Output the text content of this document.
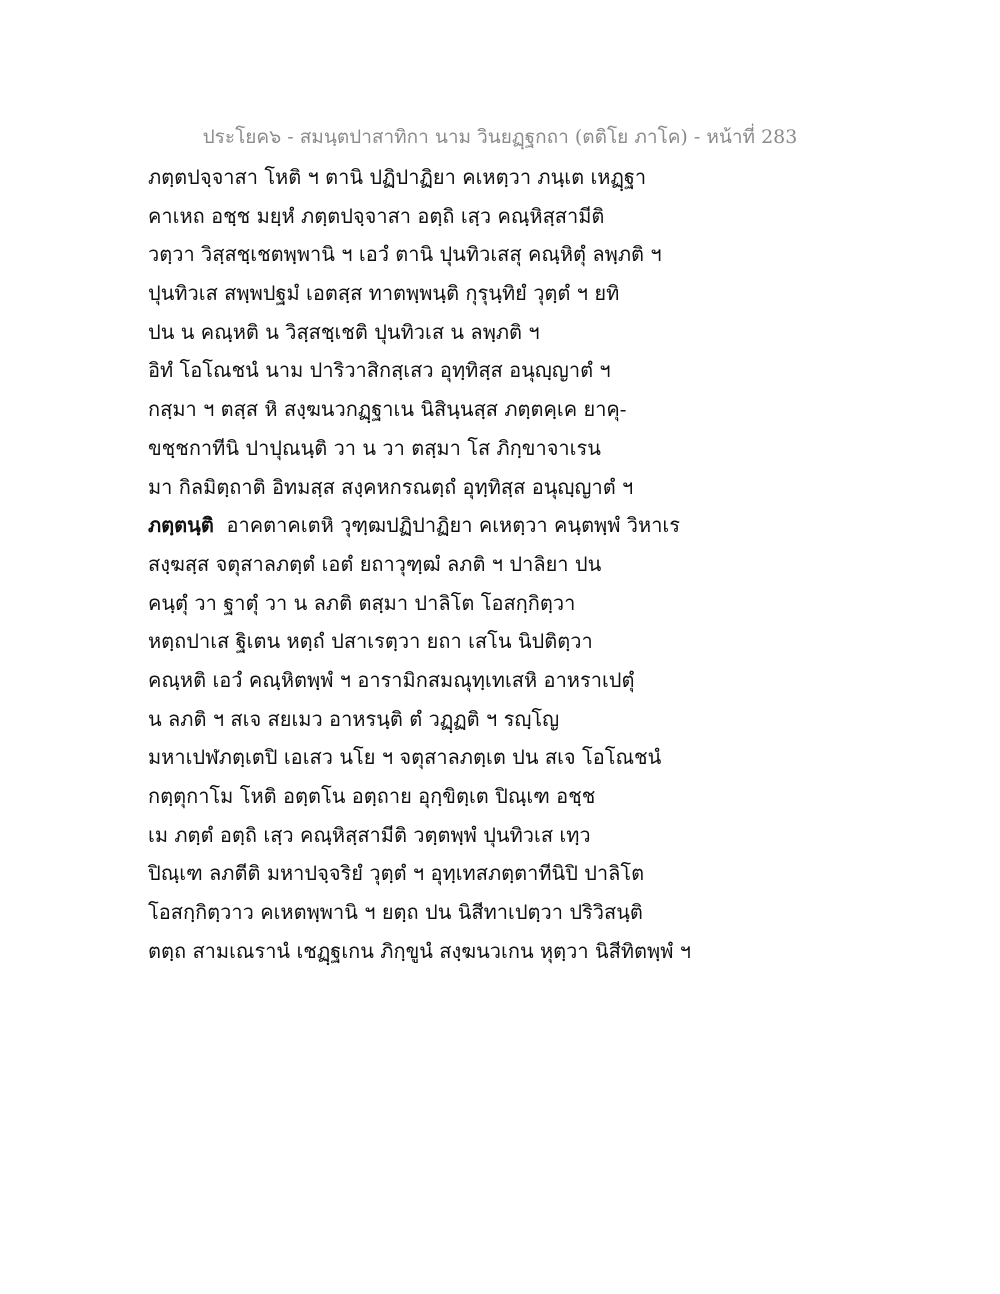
ประโยค๖ - สมนฺตปาสาทิกา นาม วินยฏฺฐกถา (ตติโย ภาโค) - หน้าที่ 283
ภตฺตปจฺจาสา โหติ ฯ ตานิ ปฏิปาฏิยา คเหตฺวา ภนฺเต เหฏฺฐา
คาเหถ อชฺช มยฺหํ ภตฺตปจฺจาสา อตฺถิ เสฺว คณฺหิสฺสามีติ
วตฺวา วิสฺสชฺเชตพฺพานิ ฯ เอวํ ตานิ ปุนทิวเสสุ คณฺหิตุํ ลพฺภติ ฯ
ปุนทิวเส สพฺพปฐมํ เอตสฺส ทาตพฺพนฺติ กุรุนฺทิยํ วุตฺตํ ฯ ยทิ
ปน น คณฺหติ น วิสฺสชฺเชติ ปุนทิวเส น ลพฺภติ ฯ
อิทํ โอโณชนํ นาม ปาริวาสิกสฺเสว อุทฺทิสฺส อนุญฺญาตํ ฯ
กสฺมา ฯ ตสฺส หิ สงฺฆนวกฏฺฐาเน นิสินฺนสฺส ภตฺตคฺเค ยาคุ-
ขชฺชกาทีนิ ปาปุณนฺติ วา น วา ตสฺมา โส ภิกฺขาจาเรน
มา กิลมิตฺถาติ อิทมสฺส สงฺคหกรณตฺถํ อุทฺทิสฺส อนุญฺญาตํ ฯ
ภตฺตนฺติ อาคตาคเตหิ วุฑฺฒปฏิปาฏิยา คเหตฺวา คนฺตพฺพํ วิหาเร
สงฺฆสฺส จตุสาลภตฺตํ เอตํ ยถาวุฑฺฒํ ลภติ ฯ ปาลิยา ปน
คนฺตุํ วา ฐาตุํ วา น ลภติ ตสฺมา ปาลิโต โอสกฺกิตฺวา
หตฺถปาเส ฐิเตน หตฺถํ ปสาเรตฺวา ยถา เสโน นิปติตฺวา
คณฺหติ เอวํ คณฺหิตพฺพํ ฯ อารามิกสมณุทฺเทเสหิ อาหราเปตุํ
น ลภติ ฯ สเจ สยเมว อาหรนฺติ ตํ วฏฺฏติ ฯ รญฺโญ
มหาเปฬภตฺเตปิ เอเสว นโย ฯ จตุสาลภตฺเต ปน สเจ โอโณชนํ
กตฺตุกาโม โหติ อตฺตโน อตฺถาย อุกฺขิตฺเต ปิณฺเฑ อชฺช
เม ภตฺตํ อตฺถิ เสฺว คณฺหิสฺสามีติ วตฺตพฺพํ ปุนทิวเส เทฺว
ปิณฺเฑ ลภตีติ มหาปจฺจริยํ วุตฺตํ ฯ อุทฺเทสภตฺตาทีนิปิ ปาลิโต
โอสกฺกิตฺวาว คเหตพฺพานิ ฯ ยตฺถ ปน นิสีทาเปตฺวา ปริวิสนฺติ
ตตฺถ สามเณรานํ เชฏฺฐเกน ภิกฺขูนํ สงฺฆนวเกน หุตฺวา นิสีทิตพฺพํ ฯ
